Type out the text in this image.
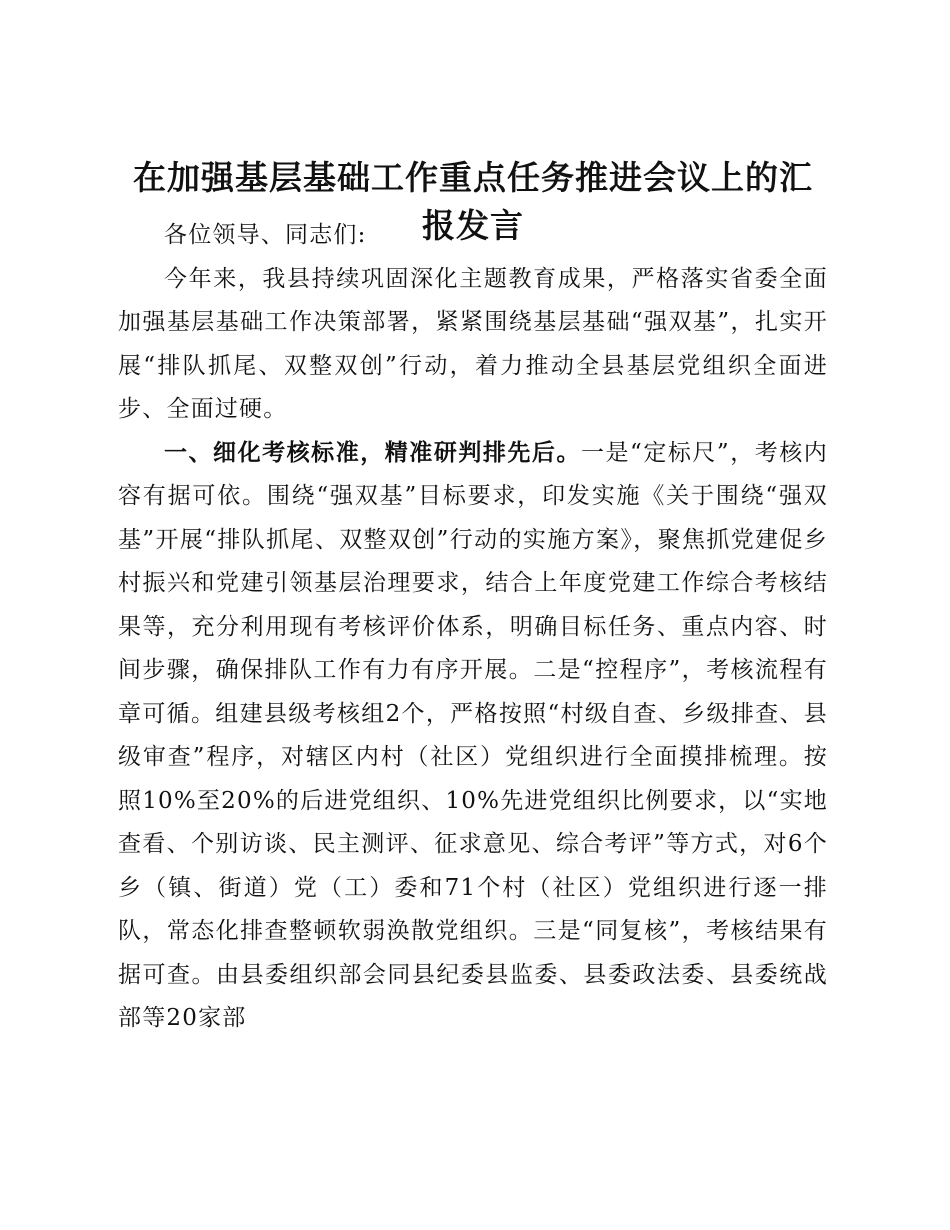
在加强基层基础工作重点任务推进会议上的汇报发言

各位领导、同志们:

今年来，我县持续巩固深化主题教育成果，严格落实省委全面加强基层基础工作决策部署，紧紧围绕基层基础“强双基”，扎实开展“排队抓尾、双整双创”行动，着力推动全县基层党组织全面进步、全面过硬。

一、细化考核标准，精准研判排先后。一是“定标尺”，考核内容有据可依。围绕“强双基”目标要求，印发实施《关于围绕“强双基”开展“排队抓尾、双整双创”行动的实施方案》，聚焦抓党建促乡村振兴和党建引领基层治理要求，结合上年度党建工作综合考核结果等，充分利用现有考核评价体系，明确目标任务、重点内容、时间步骤，确保排队工作有力有序开展。二是“控程序”，考核流程有章可循。组建县级考核组2个，严格按照“村级自查、乡级排查、县级审查”程序，对辖区内村（社区）党组织进行全面摸排梳理。按照10%至20%的后进党组织、10%先进党组织比例要求，以“实地查看、个别访谈、民主测评、征求意见、综合考评”等方式，对6个乡（镇、街道）党（工）委和71个村（社区）党组织进行逐一排队，常态化排查整顿软弱涣散党组织。三是“同复核”，考核结果有据可查。由县委组织部会同县纪委县监委、县委政法委、县委统战部等20家部
